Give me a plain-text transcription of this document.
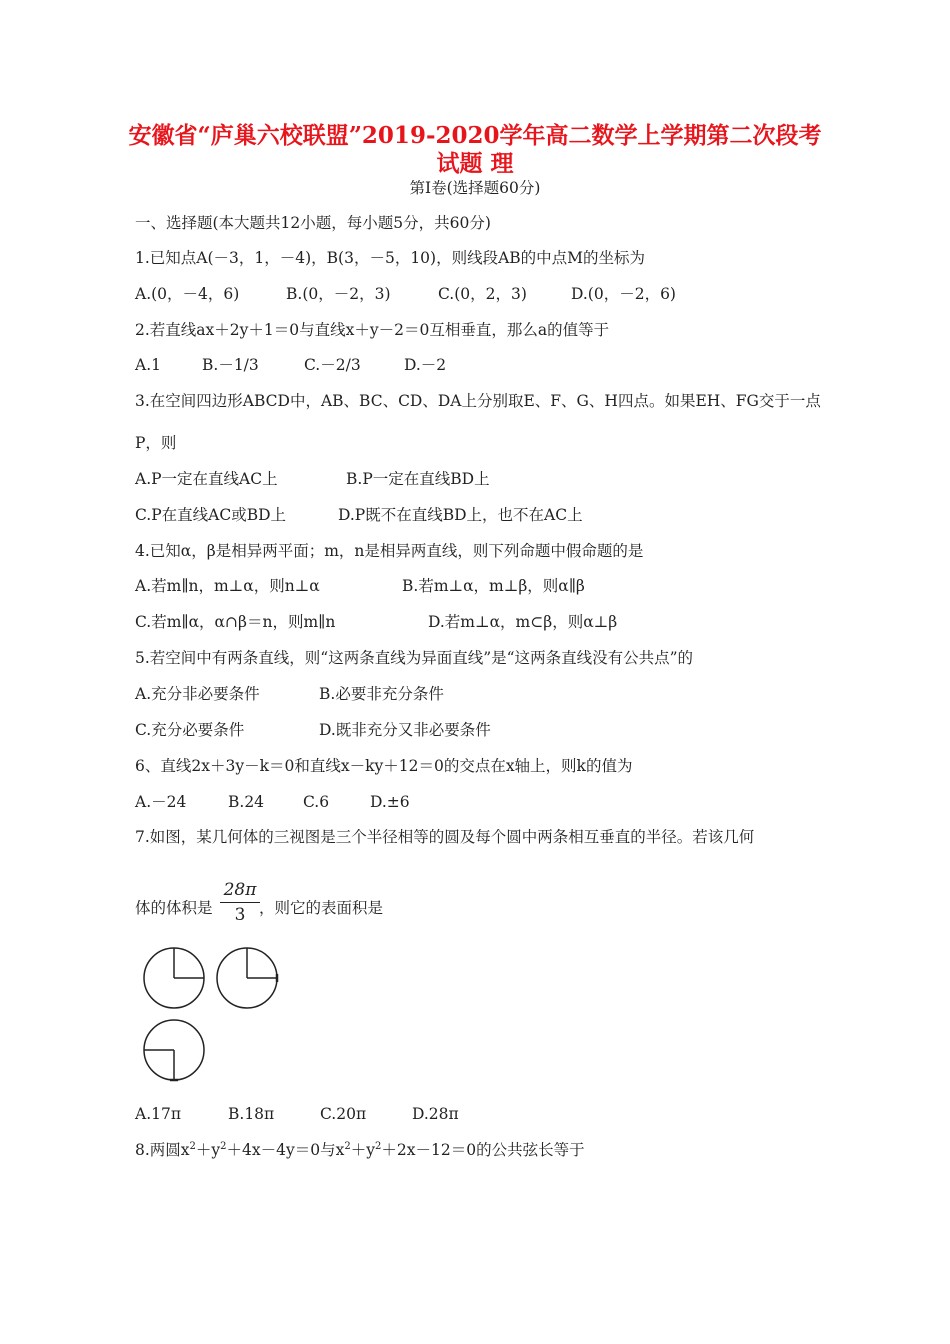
安徽省“庐巢六校联盟”2019-2020学年高二数学上学期第二次段考
试题 理
第Ⅰ卷(选择题60分)
一、选择题(本大题共12小题，每小题5分，共60分)
1.已知点A(－3，1，－4)，B(3，－5，10)，则线段AB的中点M的坐标为
A.(0，－4，6)	B.(0，－2，3)	C.(0，2，3)	D.(0，－2，6)
2.若直线ax＋2y＋1＝0与直线x＋y－2＝0互相垂直，那么a的值等于
A.1	B.－1/3	C.－2/3	D.－2
3.在空间四边形ABCD中，AB、BC、CD、DA上分别取E、F、G、H四点。如果EH、FG交于一点
P，则
A.P一定在直线AC上	B.P一定在直线BD上
C.P在直线AC或BD上	D.P既不在直线BD上，也不在AC上
4.已知α，β是相异两平面；m，n是相异两直线，则下列命题中假命题的是
A.若m∥n，m⊥α，则n⊥α	B.若m⊥α，m⊥β，则α∥β
C.若m∥α，α∩β＝n，则m∥n	D.若m⊥α，m⊂β，则α⊥β
5.若空间中有两条直线，则“这两条直线为异面直线”是“这两条直线没有公共点”的
A.充分非必要条件	B.必要非充分条件
C.充分必要条件	D.既非充分又非必要条件
6、直线2x＋3y－k＝0和直线x－ky＋12＝0的交点在x轴上，则k的值为
A.－24	B.24	C.6	D.±6
7.如图，某几何体的三视图是三个半径相等的圆及每个圆中两条相互垂直的半径。若该几何
体的体积是
28π
3 ，则它的表面积是
A.17π	B.18π	C.20π	D.28π
8.两圆$x^2+y^2+4x-4y=0$与$x^2+y^2+2x-12=0$的公共弦长等于
